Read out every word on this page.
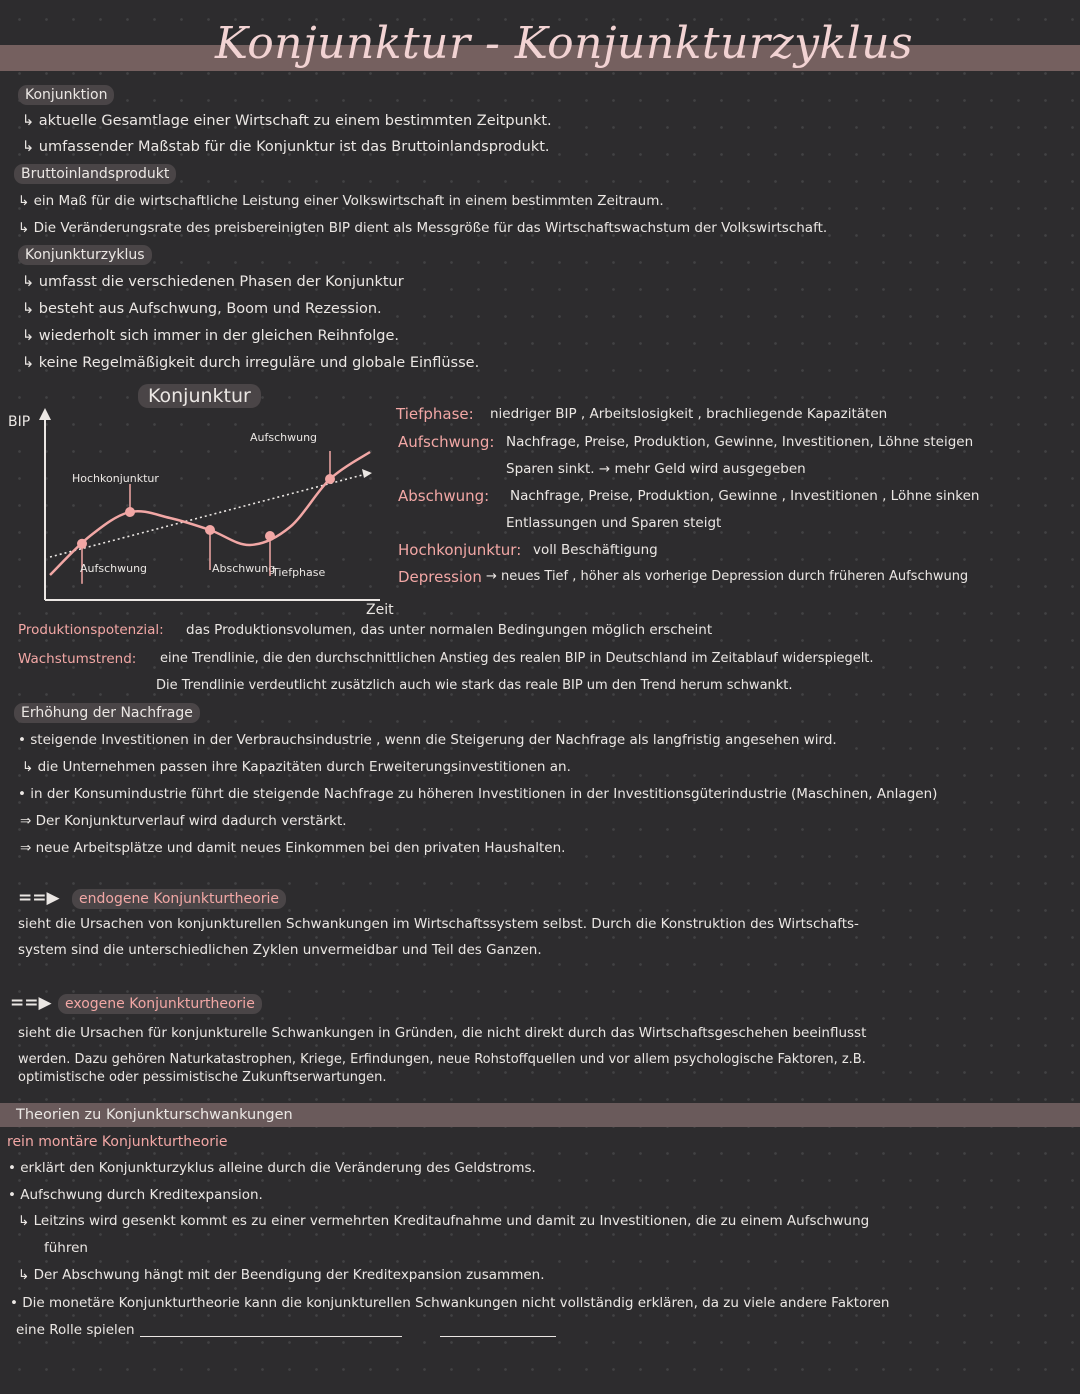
Konjunktur - Konjunkturzyklus
Konjunktion
↳ aktuelle Gesamtlage einer Wirtschaft zu einem bestimmten Zeitpunkt.
↳ umfassender Maßstab für die Konjunktur ist das Bruttoinlandsprodukt.
Bruttoinlandsprodukt
↳ ein Maß für die wirtschaftliche Leistung einer Volkswirtschaft in einem bestimmten Zeitraum.
↳ Die Veränderungsrate des preisbereinigten BIP dient als Messgröße für das Wirtschaftswachstum der Volkswirtschaft.
Konjunkturzyklus
↳ umfasst die verschiedenen Phasen der Konjunktur
↳ besteht aus Aufschwung, Boom und Rezession.
↳ wiederholt sich immer in der gleichen Reihnfolge.
↳ keine Regelmäßigkeit durch irreguläre und globale Einflüsse.
Konjunktur
BIP
Zeit
Aufschwung
Hochkonjunktur
Aufschwung
Abschwung
Tiefphase
Tiefphase: niedriger BIP , Arbeitslosigkeit , brachliegende Kapazitäten
Aufschwung: Nachfrage, Preise, Produktion, Gewinne, Investitionen, Löhne steigen
Sparen sinkt. → mehr Geld wird ausgegeben
Abschwung: Nachfrage, Preise, Produktion, Gewinne , Investitionen , Löhne sinken
Entlassungen und Sparen steigt
Hochkonjunktur: voll Beschäftigung
Depression → neues Tief , höher als vorherige Depression durch früheren Aufschwung
Produktionspotenzial: das Produktionsvolumen, das unter normalen Bedingungen möglich erscheint
Wachstumstrend: eine Trendlinie, die den durchschnittlichen Anstieg des realen BIP in Deutschland im Zeitablauf widerspiegelt.
Die Trendlinie verdeutlicht zusätzlich auch wie stark das reale BIP um den Trend herum schwankt.
Erhöhung der Nachfrage
• steigende Investitionen in der Verbrauchsindustrie , wenn die Steigerung der Nachfrage als langfristig angesehen wird.
↳ die Unternehmen passen ihre Kapazitäten durch Erweiterungsinvestitionen an.
• in der Konsumindustrie führt die steigende Nachfrage zu höheren Investitionen in der Investitionsgüterindustrie (Maschinen, Anlagen)
⇒ Der Konjunkturverlauf wird dadurch verstärkt.
⇒ neue Arbeitsplätze und damit neues Einkommen bei den privaten Haushalten.
==▶	endogene Konjunkturtheorie
sieht die Ursachen von konjunkturellen Schwankungen im Wirtschaftssystem selbst. Durch die Konstruktion des Wirtschafts-
system sind die unterschiedlichen Zyklen unvermeidbar und Teil des Ganzen.
==▶ exogene Konjunkturtheorie
sieht die Ursachen für konjunkturelle Schwankungen in Gründen, die nicht direkt durch das Wirtschaftsgeschehen beeinflusst
werden. Dazu gehören Naturkatastrophen, Kriege, Erfindungen, neue Rohstoffquellen und vor allem psychologische Faktoren, z.B.
optimistische oder pessimistische Zukunftserwartungen.
Theorien zu Konjunkturschwankungen
rein montäre Konjunkturtheorie
• erklärt den Konjunkturzyklus alleine durch die Veränderung des Geldstroms.
• Aufschwung durch Kreditexpansion.
↳ Leitzins wird gesenkt kommt es zu einer vermehrten Kreditaufnahme und damit zu Investitionen, die zu einem Aufschwung
führen
↳ Der Abschwung hängt mit der Beendigung der Kreditexpansion zusammen.
• Die monetäre Konjunkturtheorie kann die konjunkturellen Schwankungen nicht vollständig erklären, da zu viele andere Faktoren
eine Rolle spielen
